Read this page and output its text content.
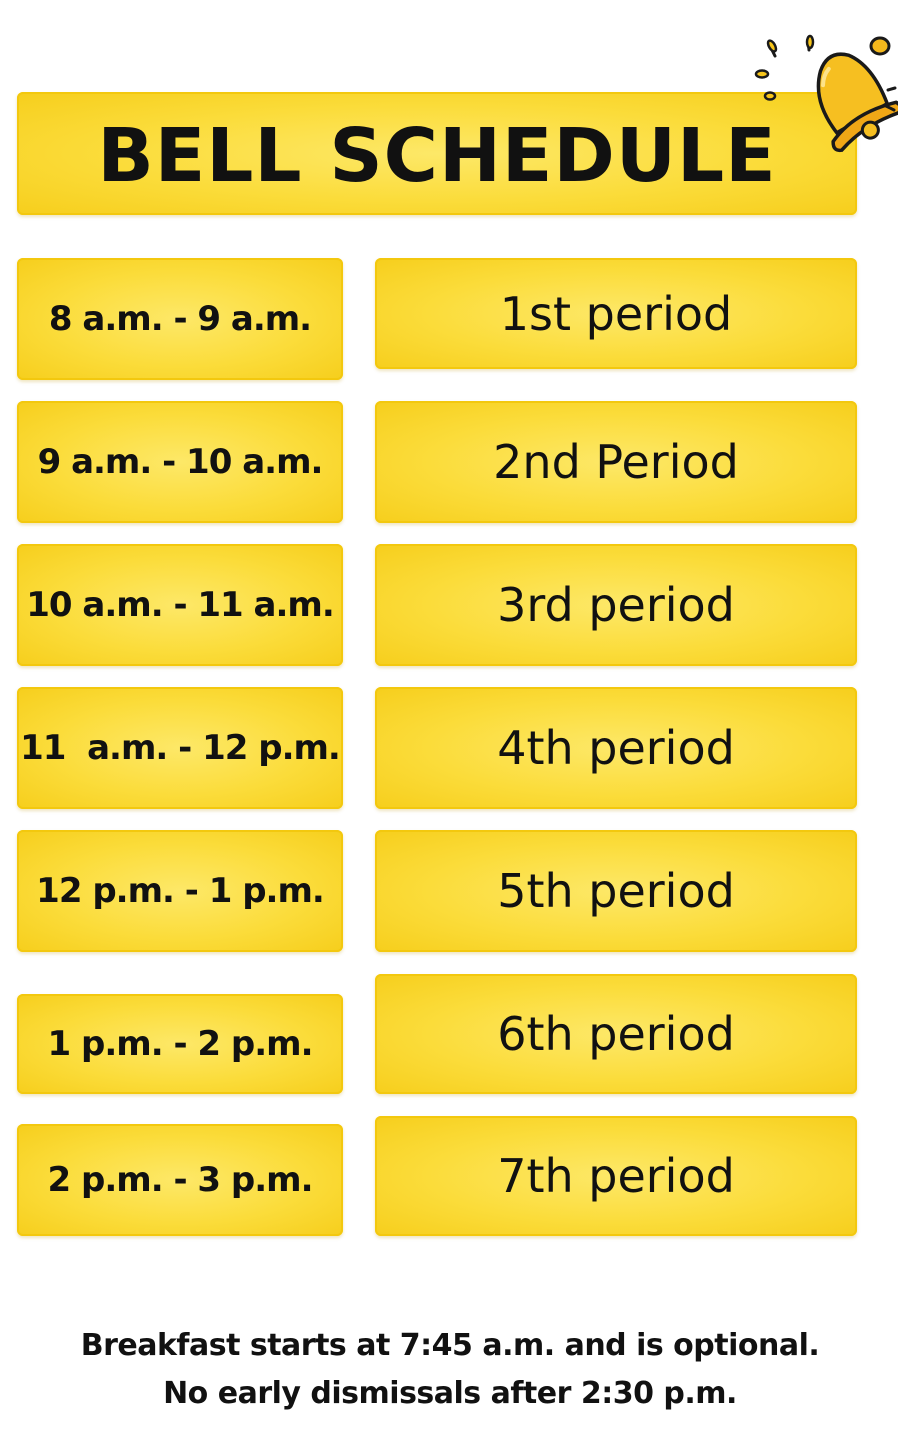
BELL SCHEDULE
8 a.m. - 9 a.m.	1st period
9 a.m. - 10 a.m.	2nd Period
10 a.m. - 11 a.m.	3rd period
11  a.m. - 12 p.m.	4th period
12 p.m. - 1 p.m.	5th period
1 p.m. - 2 p.m.	6th period
2 p.m. - 3 p.m.	7th period
Breakfast starts at 7:45 a.m. and is optional.
No early dismissals after 2:30 p.m.
